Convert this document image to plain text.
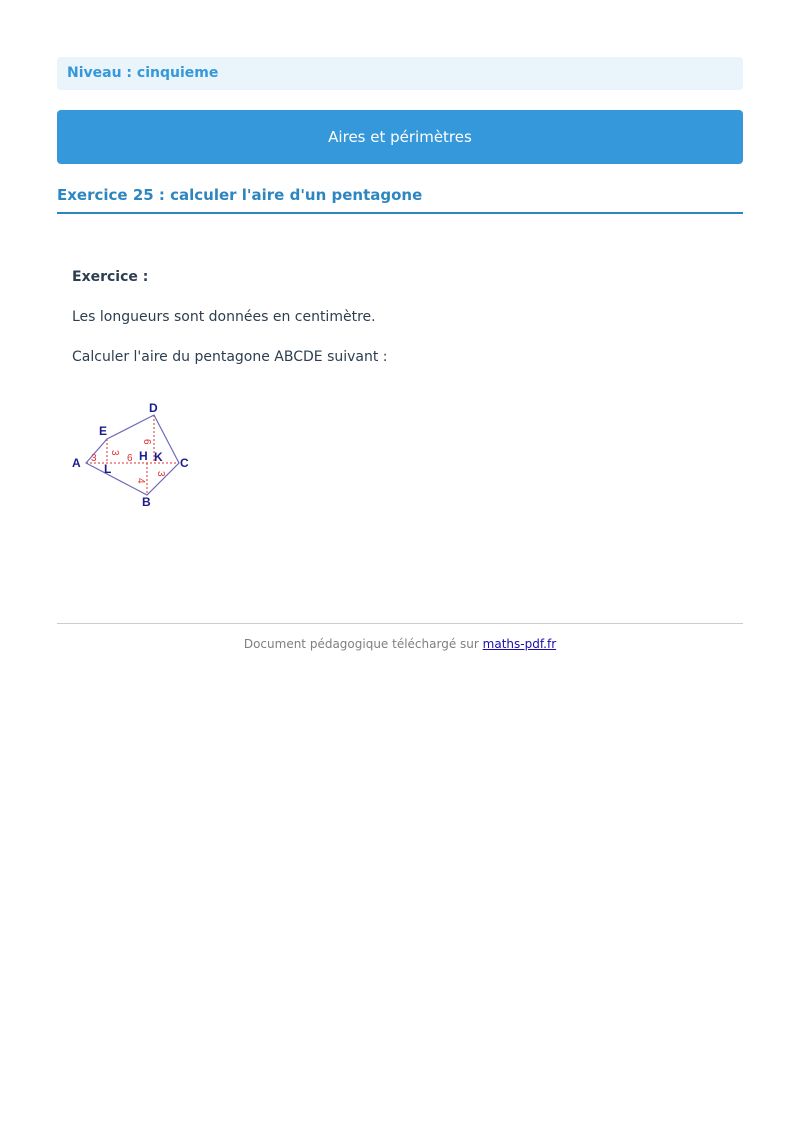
Niveau : cinquieme
Aires et périmètres
Exercice 25 : calculer l'aire d'un pentagone
Exercice :
Les longueurs sont données en centimètre.
Calculer l'aire du pentagone ABCDE suivant :
A
B
C
D
E
H K
L
3
3
6
6
4
3
Document pédagogique téléchargé sur maths-pdf.fr
